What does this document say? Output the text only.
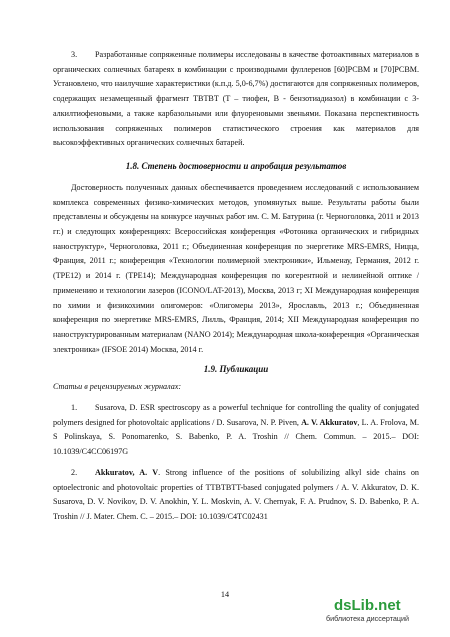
3. Разработанные сопряженные полимеры исследованы в качестве фотоактивных материалов в органических солнечных батареях в комбинации с производными фуллеренов [60]PCBM и [70]PCBM. Установлено, что наилучшие характеристики (к.п.д. 5,0-6,7%) достигаются для сопряженных полимеров, содержащих незамещенный фрагмент TBTBT (T – тиофен, B - бензотиадиазол) в комбинации с 3-алкилтиофеновыми, а также карбазольными или флуореновыми звеньями. Показана перспективность использования сопряженных полимеров статистического строения как материалов для высокоэффективных органических солнечных батарей.

1.8. Степень достоверности и апробация результатов

Достоверность полученных данных обеспечивается проведением исследований с использованием комплекса современных физико-химических методов, упомянутых выше. Результаты работы были представлены и обсуждены на конкурсе научных работ им. С. М. Батурина (г. Черноголовка, 2011 и 2013 гг.) и следующих конференциях: Всероссийская конференция «Фотоника органических и гибридных наноструктур», Черноголовка, 2011 г.; Объединенная конференция по энергетике MRS-EMRS, Ницца, Франция, 2011 г.; конференция «Технологии полимерной электроники», Ильменау, Германия, 2012 г. (TPE12) и 2014 г. (TPE14); Международная конференция по когерентной и нелинейной оптике / применению и технологии лазеров (ICONO/LAT-2013), Москва, 2013 г; XI Международная конференция по химии и физикохимии олигомеров: «Олигомеры 2013», Ярославль, 2013 г.; Объединенная конференция по энергетике MRS-EMRS, Лилль, Франция, 2014; XII Международная конференция по наноструктурированным материалам (NANO 2014); Международная школа-конференция «Органическая электроника» (IFSOE 2014) Москва, 2014 г.

1.9. Публикации

Статьи в рецензируемых журналах:

1. Susarova, D. ESR spectroscopy as a powerful technique for controlling the quality of conjugated polymers designed for photovoltaic applications / D. Susarova, N. P. Piven, A. V. Akkuratov, L. A. Frolova, M. S Polinskaya, S. Ponomarenko, S. Babenko, P. A. Troshin // Chem. Commun. – 2015.– DOI: 10.1039/C4CC06197G

2. Akkuratov, A. V. Strong influence of the positions of solubilizing alkyl side chains on optoelectronic and photovoltaic properties of TTBTBTT-based conjugated polymers / A. V. Akkuratov, D. K. Susarova, D. V. Novikov, D. V. Anokhin, Y. L. Moskvin, A. V. Chernyak, F. A. Prudnov, S. D. Babenko, P. A. Troshin // J. Mater. Chem. C. – 2015.– DOI: 10.1039/C4TC02431

14
dsLib.net
библиотека диссертаций
